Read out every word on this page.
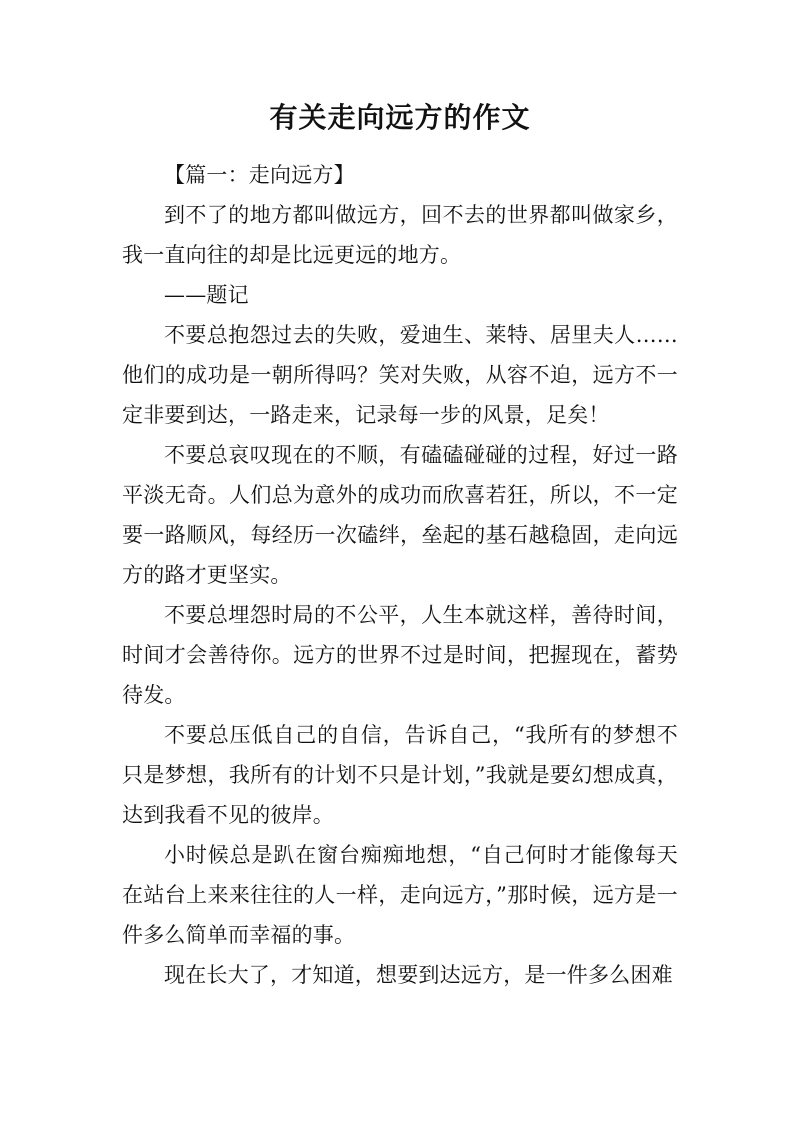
有关走向远方的作文

【篇一：走向远方】

到不了的地方都叫做远方，回不去的世界都叫做家乡，我一直向往的却是比远更远的地方。

——题记

不要总抱怨过去的失败，爱迪生、莱特、居里夫人……他们的成功是一朝所得吗？笑对失败，从容不迫，远方不一定非要到达，一路走来，记录每一步的风景，足矣！

不要总哀叹现在的不顺，有磕磕碰碰的过程，好过一路平淡无奇。人们总为意外的成功而欣喜若狂，所以，不一定要一路顺风，每经历一次磕绊，垒起的基石越稳固，走向远方的路才更坚实。

不要总埋怨时局的不公平，人生本就这样，善待时间，时间才会善待你。远方的世界不过是时间，把握现在，蓄势待发。

不要总压低自己的自信，告诉自己，“我所有的梦想不只是梦想，我所有的计划不只是计划，”我就是要幻想成真，达到我看不见的彼岸。

小时候总是趴在窗台痴痴地想，“自己何时才能像每天在站台上来来往往的人一样，走向远方，”那时候，远方是一件多么简单而幸福的事。

现在长大了，才知道，想要到达远方，是一件多么困难
